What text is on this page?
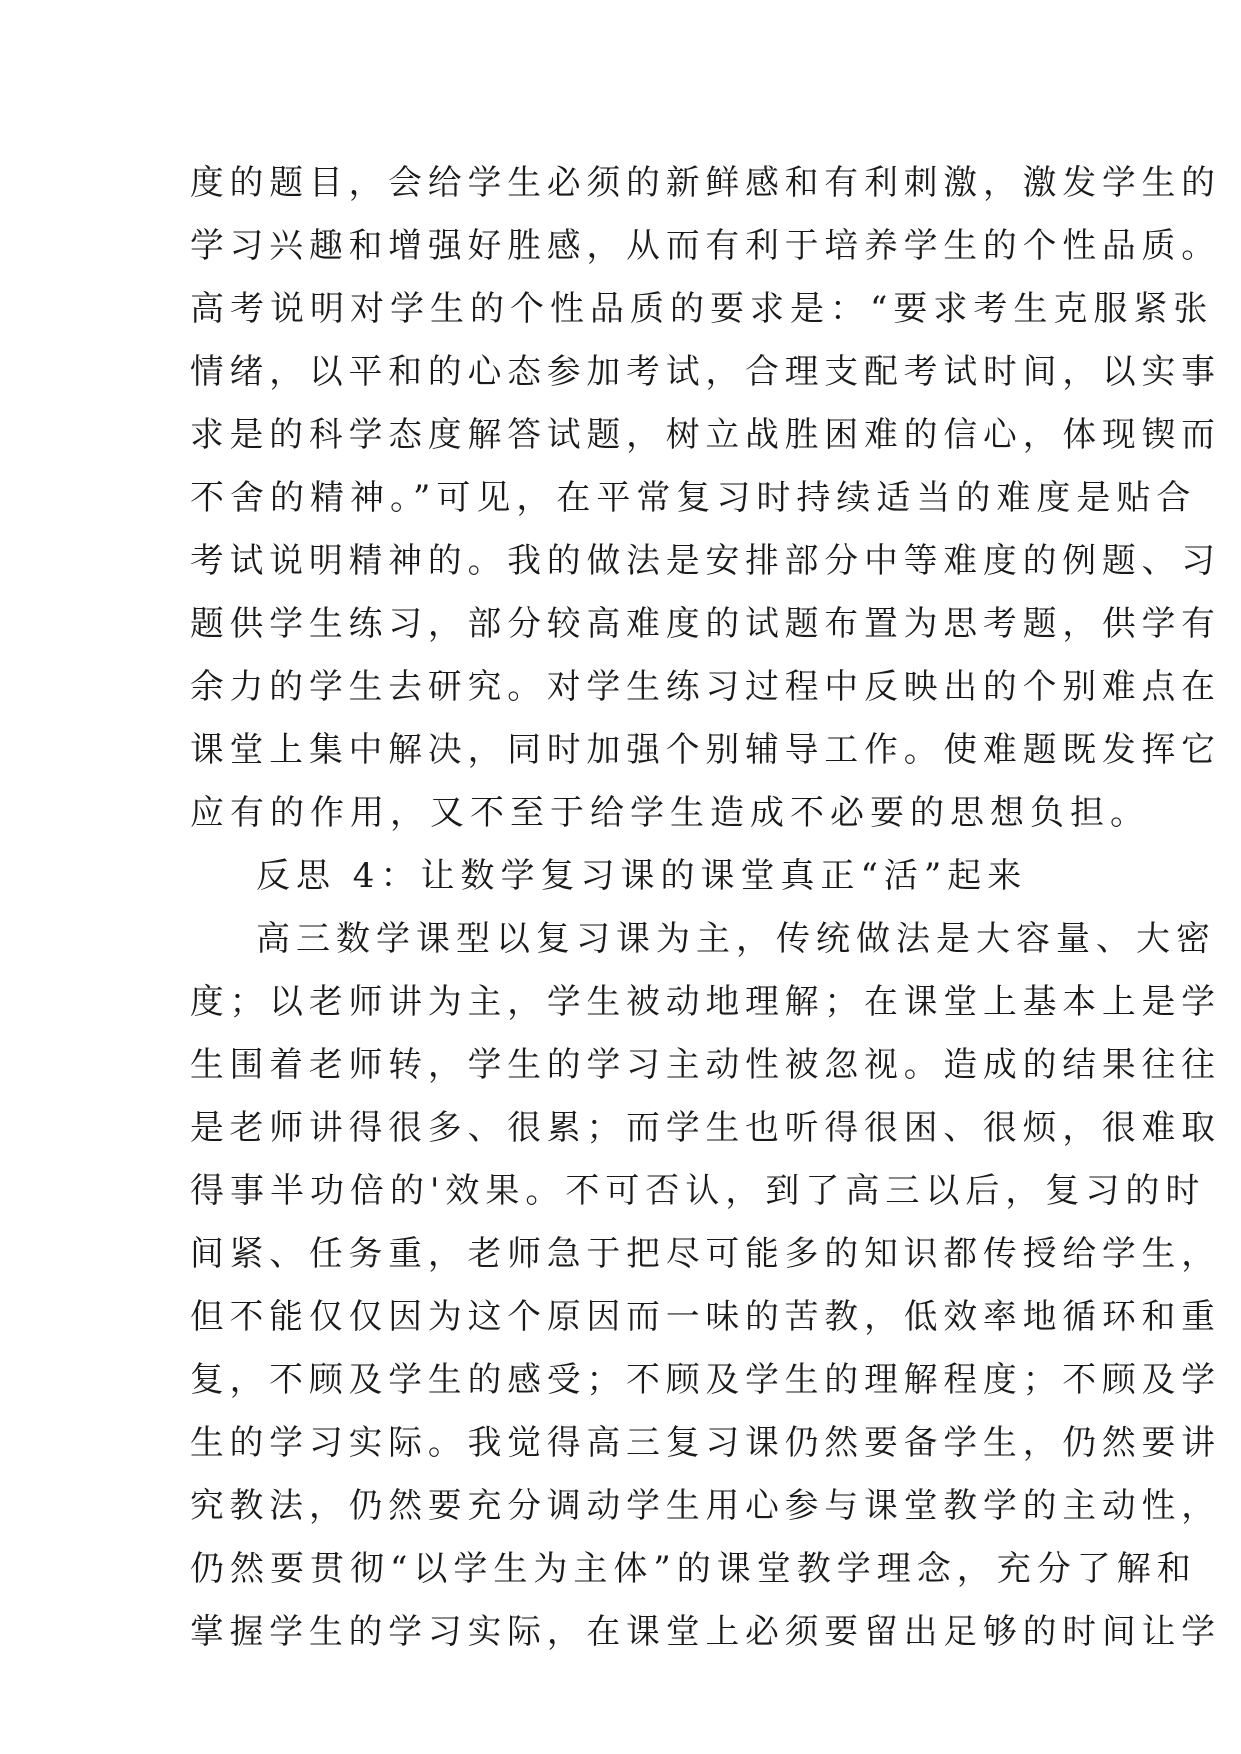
度的题目，会给学生必须的新鲜感和有利刺激，激发学生的
学习兴趣和增强好胜感，从而有利于培养学生的个性品质。
高考说明对学生的个性品质的要求是：“要求考生克服紧张
情绪，以平和的心态参加考试，合理支配考试时间，以实事
求是的科学态度解答试题，树立战胜困难的信心，体现锲而
不舍的精神。”可见，在平常复习时持续适当的难度是贴合
考试说明精神的。我的做法是安排部分中等难度的例题、习
题供学生练习，部分较高难度的试题布置为思考题，供学有
余力的学生去研究。对学生练习过程中反映出的个别难点在
课堂上集中解决，同时加强个别辅导工作。使难题既发挥它
应有的作用，又不至于给学生造成不必要的思想负担。
反思 4：让数学复习课的课堂真正“活”起来
高三数学课型以复习课为主，传统做法是大容量、大密
度；以老师讲为主，学生被动地理解；在课堂上基本上是学
生围着老师转，学生的学习主动性被忽视。造成的结果往往
是老师讲得很多、很累；而学生也听得很困、很烦，很难取
得事半功倍的'效果。不可否认，到了高三以后，复习的时
间紧、任务重，老师急于把尽可能多的知识都传授给学生，
但不能仅仅因为这个原因而一味的苦教，低效率地循环和重
复，不顾及学生的感受；不顾及学生的理解程度；不顾及学
生的学习实际。我觉得高三复习课仍然要备学生，仍然要讲
究教法，仍然要充分调动学生用心参与课堂教学的主动性，
仍然要贯彻“以学生为主体”的课堂教学理念，充分了解和
掌握学生的学习实际，在课堂上必须要留出足够的时间让学
